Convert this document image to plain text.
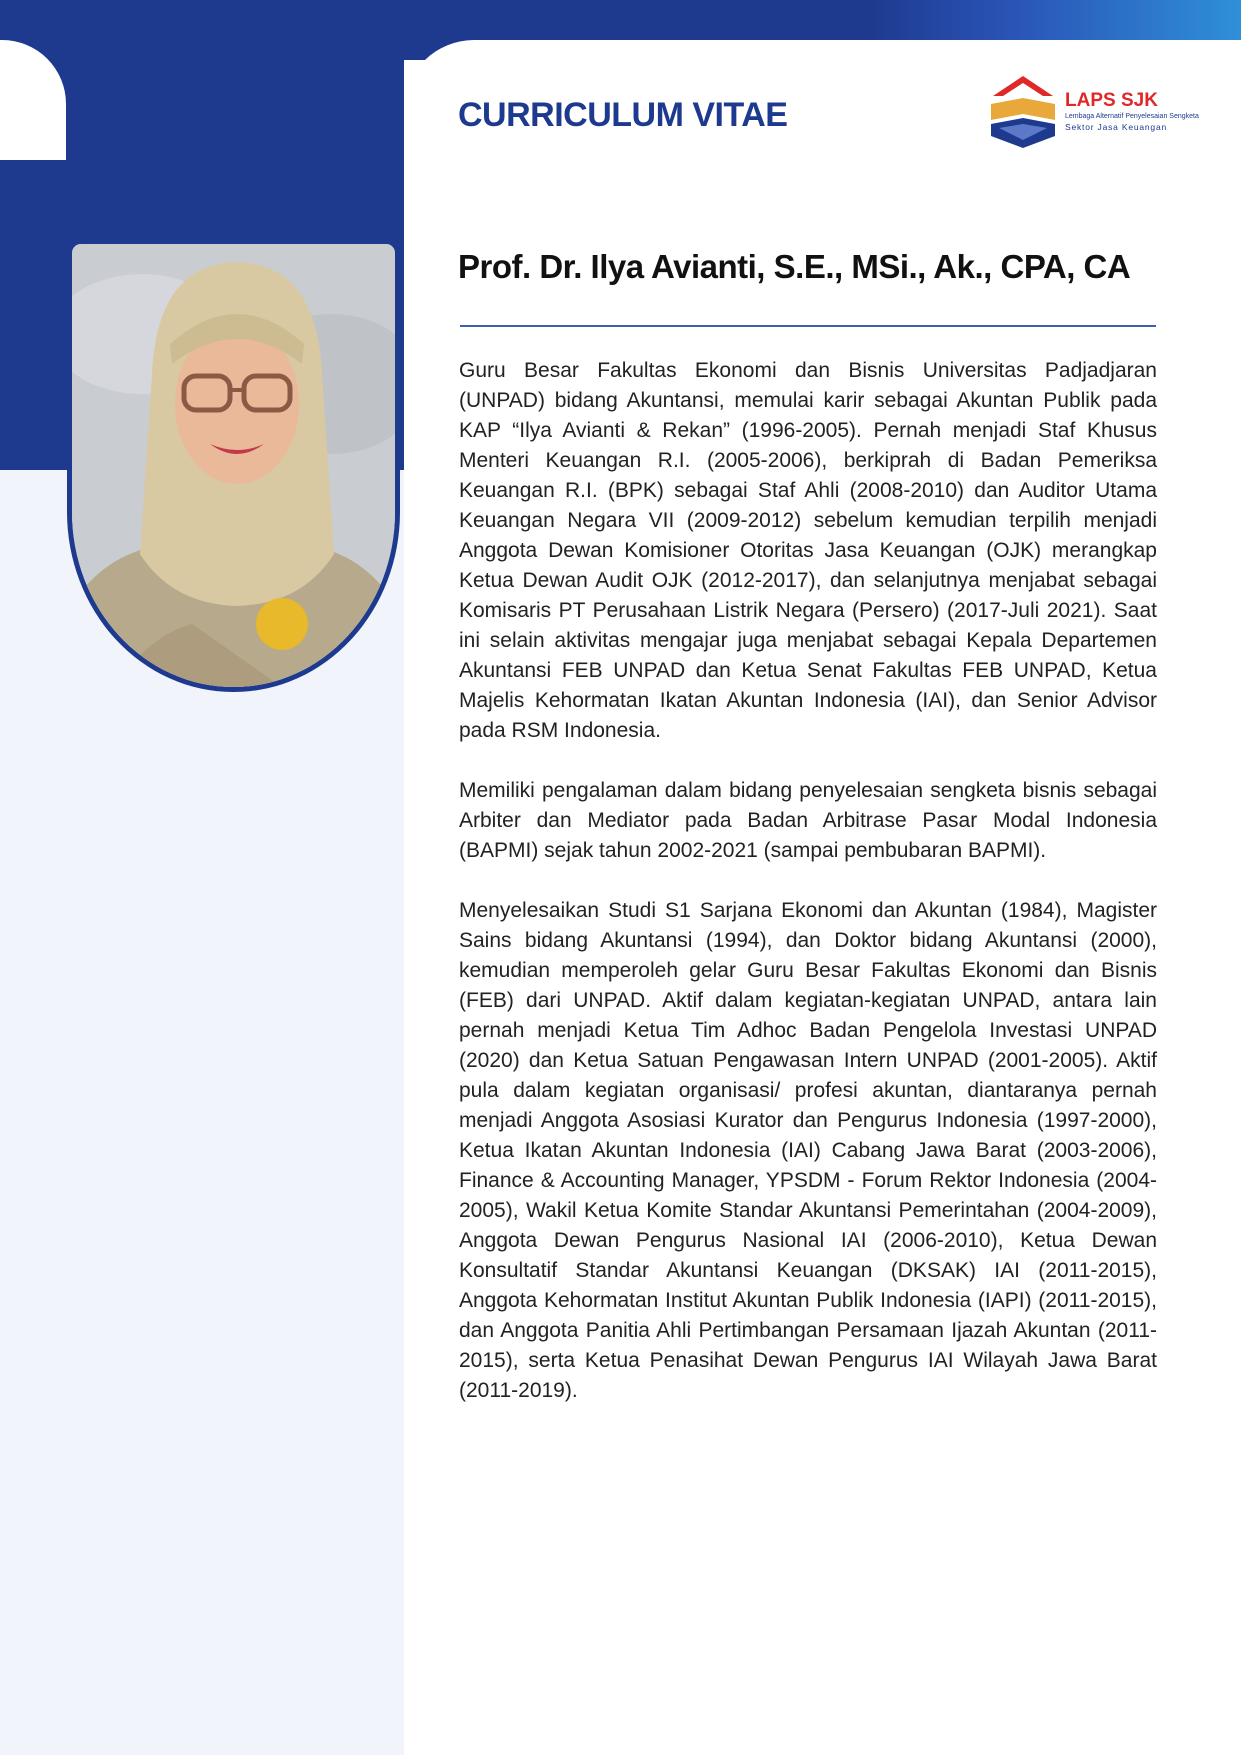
CURRICULUM VITAE	LAPS SJK
Lembaga Alternatif Penyelesaian Sengketa
Sektor Jasa Keuangan
Prof. Dr. Ilya Avianti, S.E., MSi., Ak., CPA, CA

Guru Besar Fakultas Ekonomi dan Bisnis Universitas Padjadjaran (UNPAD) bidang Akuntansi, memulai karir sebagai Akuntan Publik pada KAP “Ilya Avianti & Rekan” (1996-2005). Pernah menjadi Staf Khusus Menteri Keuangan R.I. (2005-2006), berkiprah di Badan Pemeriksa Keuangan R.I. (BPK) sebagai Staf Ahli (2008-2010) dan Auditor Utama Keuangan Negara VII (2009-2012) sebelum kemudian terpilih menjadi Anggota Dewan Komisioner Otoritas Jasa Keuangan (OJK) merangkap Ketua Dewan Audit OJK (2012-2017), dan selanjutnya menjabat sebagai Komisaris PT Perusahaan Listrik Negara (Persero) (2017-Juli 2021). Saat ini selain aktivitas mengajar juga menjabat sebagai Kepala Departemen Akuntansi FEB UNPAD dan Ketua Senat Fakultas FEB UNPAD, Ketua Majelis Kehormatan Ikatan Akuntan Indonesia (IAI), dan Senior Advisor pada RSM Indonesia.

Memiliki pengalaman dalam bidang penyelesaian sengketa bisnis sebagai Arbiter dan Mediator pada Badan Arbitrase Pasar Modal Indonesia (BAPMI) sejak tahun 2002-2021 (sampai pembubaran BAPMI).

Menyelesaikan Studi S1 Sarjana Ekonomi dan Akuntan (1984), Magister Sains bidang Akuntansi (1994), dan Doktor bidang Akuntansi (2000), kemudian memperoleh gelar Guru Besar Fakultas Ekonomi dan Bisnis (FEB) dari UNPAD. Aktif dalam kegiatan-kegiatan UNPAD, antara lain pernah menjadi Ketua Tim Adhoc Badan Pengelola Investasi UNPAD (2020) dan Ketua Satuan Pengawasan Intern UNPAD (2001-2005). Aktif pula dalam kegiatan organisasi/ profesi akuntan, diantaranya pernah menjadi Anggota Asosiasi Kurator dan Pengurus Indonesia (1997-2000), Ketua Ikatan Akuntan Indonesia (IAI) Cabang Jawa Barat (2003-2006), Finance & Accounting Manager, YPSDM - Forum Rektor Indonesia (2004-2005), Wakil Ketua Komite Standar Akuntansi Pemerintahan (2004-2009), Anggota Dewan Pengurus Nasional IAI (2006-2010), Ketua Dewan Konsultatif Standar Akuntansi Keuangan (DKSAK) IAI (2011-2015), Anggota Kehormatan Institut Akuntan Publik Indonesia (IAPI) (2011-2015), dan Anggota Panitia Ahli Pertimbangan Persamaan Ijazah Akuntan (2011-2015), serta Ketua Penasihat Dewan Pengurus IAI Wilayah Jawa Barat (2011-2019).
